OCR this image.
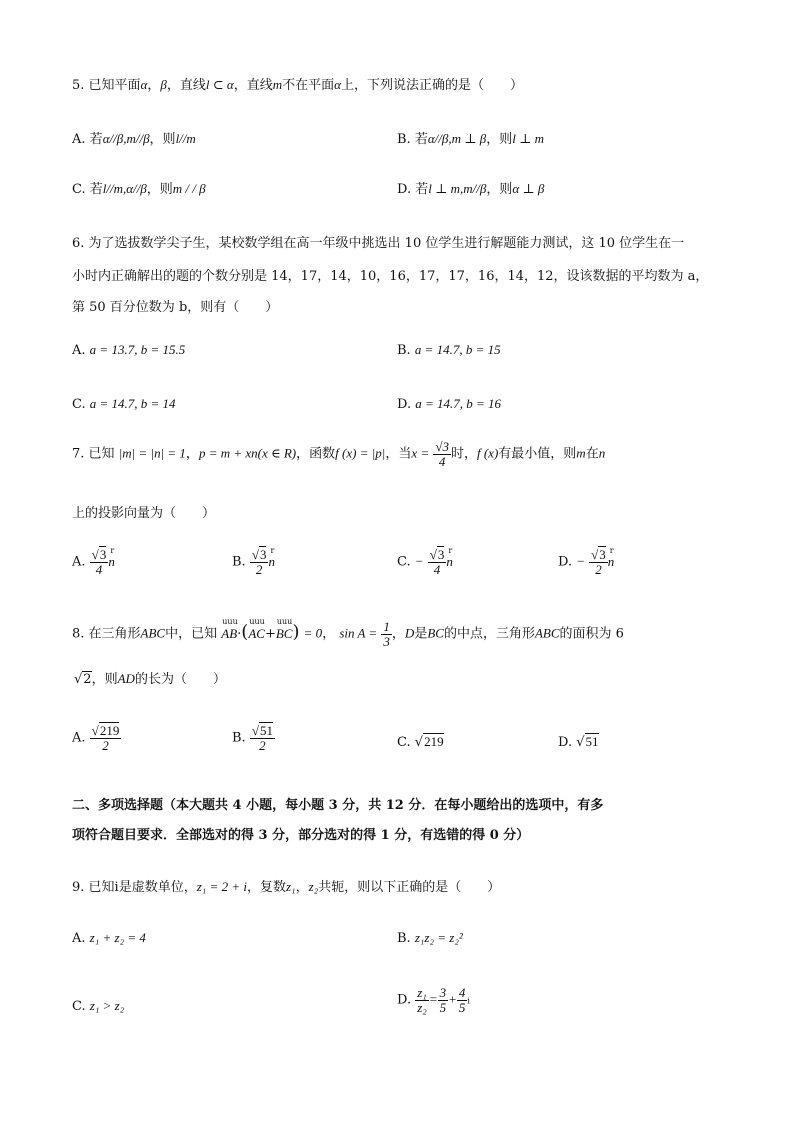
5. 已知平面α，β，直线l ⊂ α，直线m不在平面α上，下列说法正确的是（　　）
A. 若α//β,m//β，则l//m	B. 若α//β,m ⊥ β，则l ⊥ m
C. 若l//m,α//β，则m / / β	D. 若l ⊥ m,m//β，则α ⊥ β
6. 为了选拔数学尖子生，某校数学组在高一年级中挑选出 10 位学生进行解题能力测试，这 10 位学生在一
小时内正确解出的题的个数分别是 14，17，14，10，16，17，17，16，14，12，设该数据的平均数为 a，
第 50 百分位数为 b，则有（　　）
A. a = 13.7, b = 15.5	B. a = 14.7, b = 15
C. a = 14.7, b = 14	D. a = 14.7, b = 16
7. 已知 |m| = |n| = 1，p = m + xn(x ∈ R)，函数f (x) = |p|，当$x = \frac{√3}{4}$ 时，f (x)有最小值，则m在n
上的投影向量为（　　）
A. $\frac{√3}{4}$ r
n	B. $\frac{√3}{2}$ r
n	C. − $\frac{√3}{4}$ r
n	D. − $\frac{√3}{2}$ r
n
8. 在三角形ABC中，已知
uuu
AB·(
uuu
AC+
uuu
BC) = 0， $\sin A = \frac{1}{3}$ ，D是BC的中点，三角形ABC的面积为 6
√2，则AD的长为（　　）
A. $\frac{√219}{2}$	B. $\frac{√51}{2}$	C. √219	D. √51
二、多项选择题（本大题共 4 小题，每小题 3 分，共 12 分．在每小题给出的选项中，有多
项符合题目要求．全部选对的得 3 分，部分选对的得 1 分，有选错的得 0 分）
9. 已知i是虚数单位，z₁ = 2 + i，复数z₁，z₂共轭，则以下正确的是（　　）
A. z₁ + z₂ = 4	B. z₁z₂ = z₂²
C. z₁ > z₂	D. $\frac{\text{z₁}}{\text{z₂}} = \frac{3}{5} + \frac{4}{5}$ i
